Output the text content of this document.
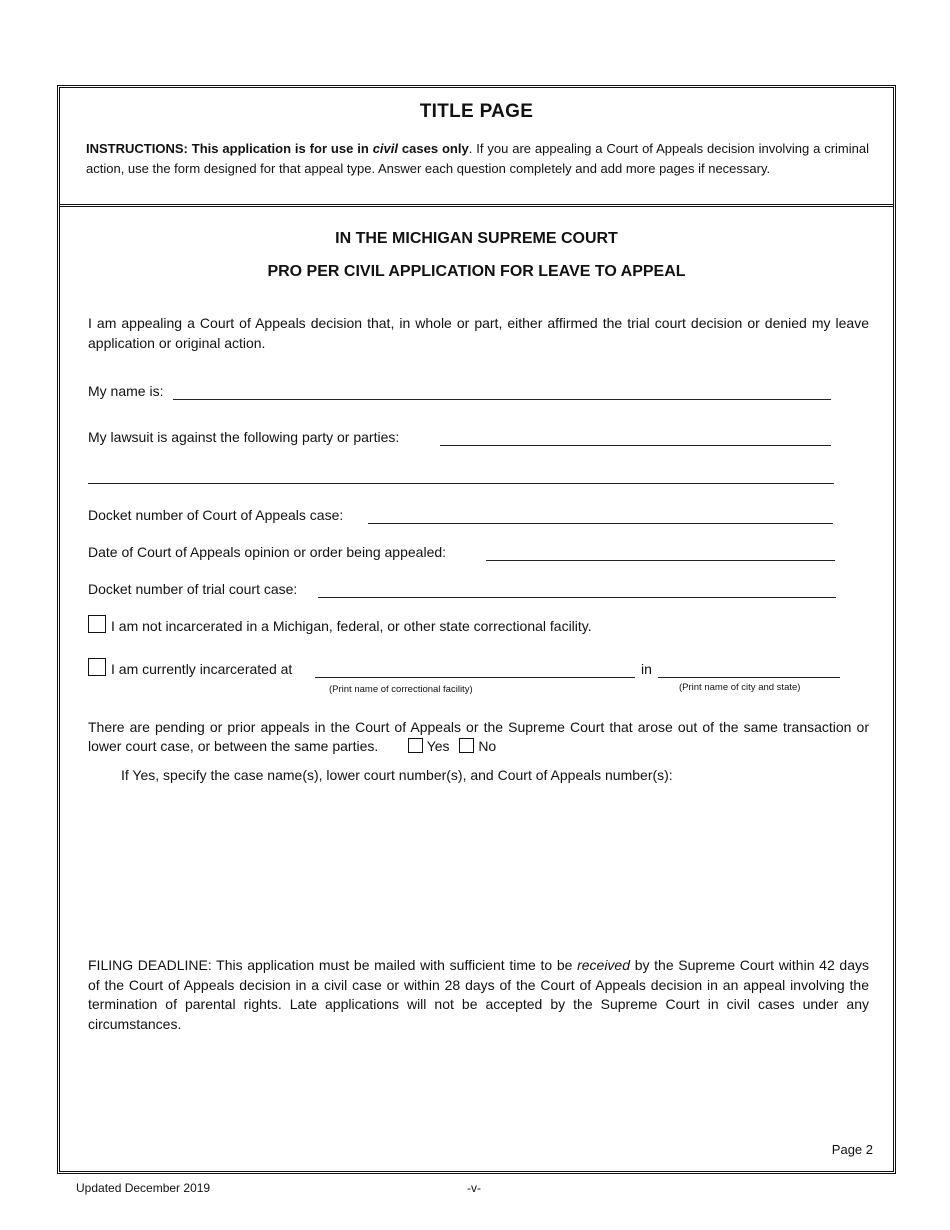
TITLE PAGE
INSTRUCTIONS: This application is for use in civil cases only. If you are appealing a Court of Appeals decision involving a criminal action, use the form designed for that appeal type. Answer each question completely and add more pages if necessary.
IN THE MICHIGAN SUPREME COURT
PRO PER CIVIL APPLICATION FOR LEAVE TO APPEAL
I am appealing a Court of Appeals decision that, in whole or part, either affirmed the trial court decision or denied my leave application or original action.
My name is:
My lawsuit is against the following party or parties:
Docket number of Court of Appeals case:
Date of Court of Appeals opinion or order being appealed:
Docket number of trial court case:
I am not incarcerated in a Michigan, federal, or other state correctional facility.
I am currently incarcerated at	in
(Print name of correctional facility)	(Print name of city and state)
There are pending or prior appeals in the Court of Appeals or the Supreme Court that arose out of the same transaction or lower court case, or between the same parties.	Yes No
If Yes, specify the case name(s), lower court number(s), and Court of Appeals number(s):
FILING DEADLINE: This application must be mailed with sufficient time to be received by the Supreme Court within 42 days of the Court of Appeals decision in a civil case or within 28 days of the Court of Appeals decision in an appeal involving the termination of parental rights. Late applications will not be accepted by the Supreme Court in civil cases under any circumstances.
Page 2
Updated December 2019	-v-
